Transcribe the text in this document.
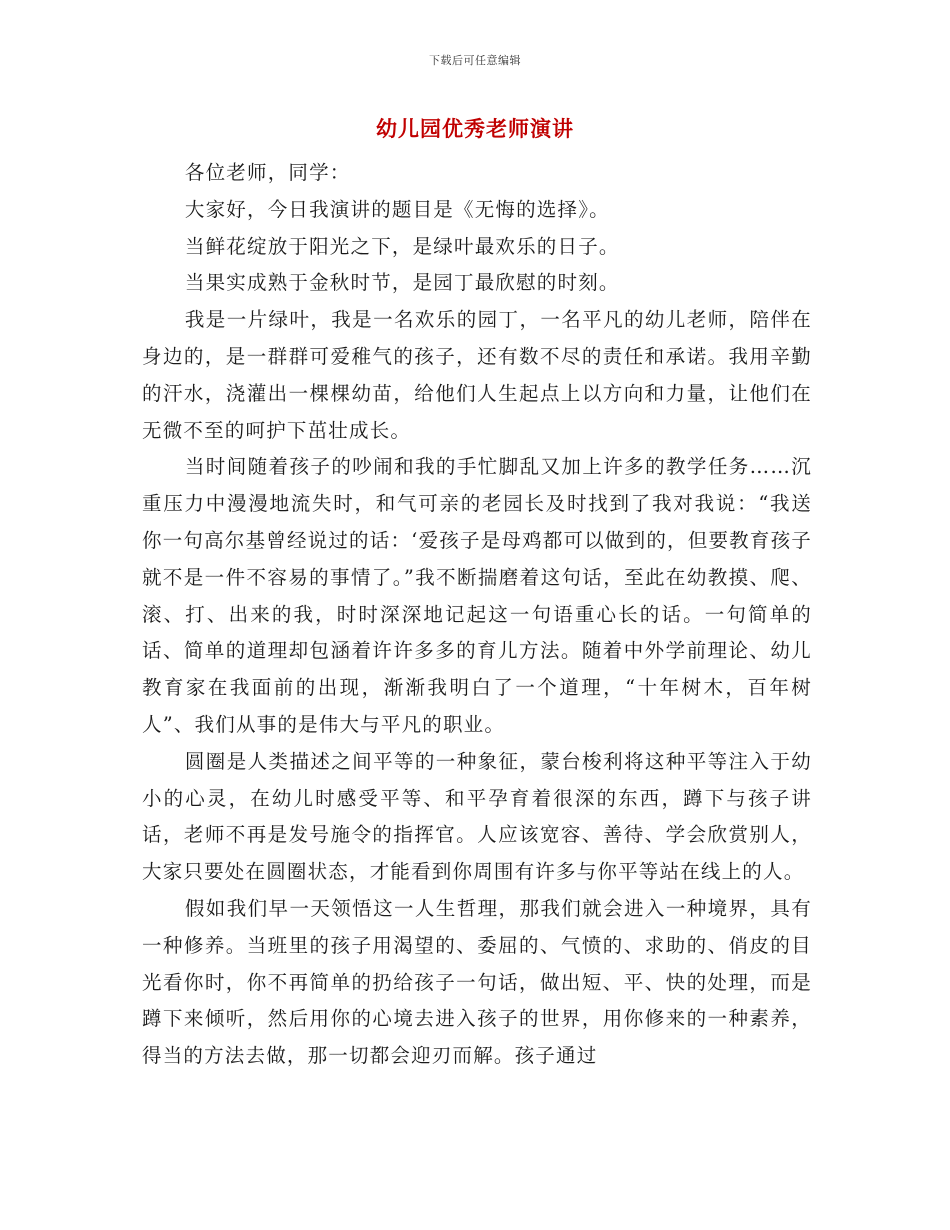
下载后可任意编辑
幼儿园优秀老师演讲

各位老师，同学：

大家好，今日我演讲的题目是《无悔的选择》。

当鲜花绽放于阳光之下，是绿叶最欢乐的日子。

当果实成熟于金秋时节，是园丁最欣慰的时刻。

我是一片绿叶，我是一名欢乐的园丁，一名平凡的幼儿老师，陪伴在身边的，是一群群可爱稚气的孩子，还有数不尽的责任和承诺。我用辛勤的汗水，浇灌出一棵棵幼苗，给他们人生起点上以方向和力量，让他们在无微不至的呵护下茁壮成长。

当时间随着孩子的吵闹和我的手忙脚乱又加上许多的教学任务……沉重压力中漫漫地流失时，和气可亲的老园长及时找到了我对我说：“我送你一句高尔基曾经说过的话：‘爱孩子是母鸡都可以做到的，但要教育孩子就不是一件不容易的事情了。”我不断揣磨着这句话，至此在幼教摸、爬、滚、打、出来的我，时时深深地记起这一句语重心长的话。一句简单的话、简单的道理却包涵着许许多多的育儿方法。随着中外学前理论、幼儿教育家在我面前的出现，渐渐我明白了一个道理，“十年树木，百年树人”、我们从事的是伟大与平凡的职业。

圆圈是人类描述之间平等的一种象征，蒙台梭利将这种平等注入于幼小的心灵，在幼儿时感受平等、和平孕育着很深的东西，蹲下与孩子讲话，老师不再是发号施令的指挥官。人应该宽容、善待、学会欣赏别人，大家只要处在圆圈状态，才能看到你周围有许多与你平等站在线上的人。

假如我们早一天领悟这一人生哲理，那我们就会进入一种境界，具有一种修养。当班里的孩子用渴望的、委屈的、气愤的、求助的、俏皮的目光看你时，你不再简单的扔给孩子一句话，做出短、平、快的处理，而是蹲下来倾听，然后用你的心境去进入孩子的世界，用你修来的一种素养，得当的方法去做，那一切都会迎刃而解。孩子通过
